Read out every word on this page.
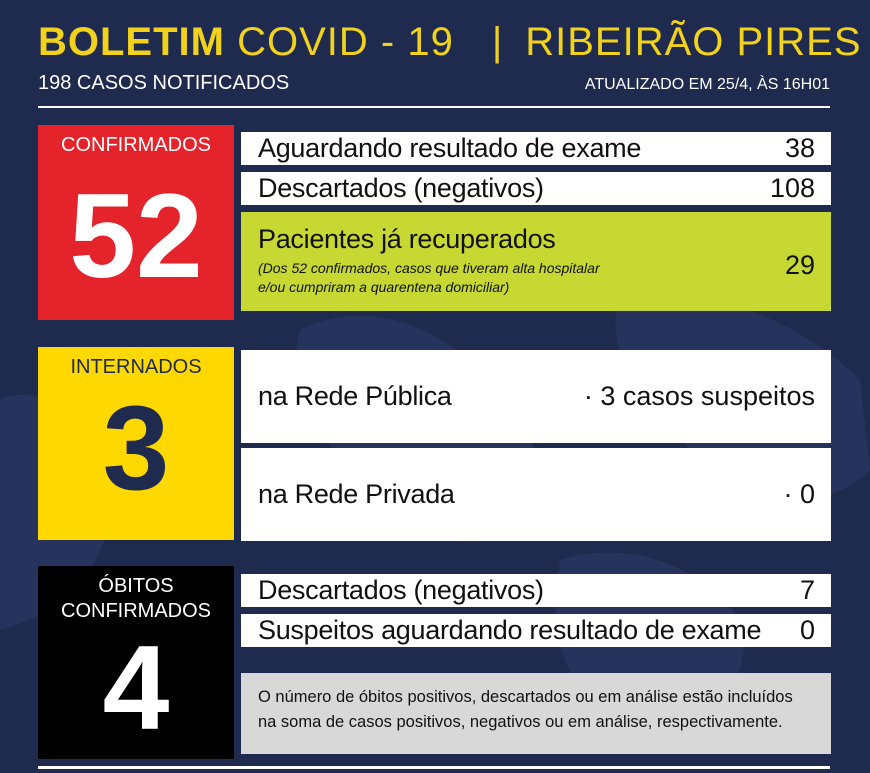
BOLETIM COVID - 19 | RIBEIRÃO PIRES
198 CASOS NOTIFICADOS	ATUALIZADO EM 25/4, ÀS 16H01
CONFIRMADOS
52
Aguardando resultado de exame	38
Descartados (negativos)	108
Pacientes já recuperados
(Dos 52 confirmados, casos que tiveram alta hospitalar
e/ou cumpriram a quarentena domiciliar)
29
INTERNADOS
3	na Rede Pública	· 3 casos suspeitos
na Rede Privada	· 0
ÓBITOS
CONFIRMADOS
4
Descartados (negativos)	7
Suspeitos aguardando resultado de exame 0
O número de óbitos positivos, descartados ou em análise estão incluídos
na soma de casos positivos, negativos ou em análise, respectivamente.
